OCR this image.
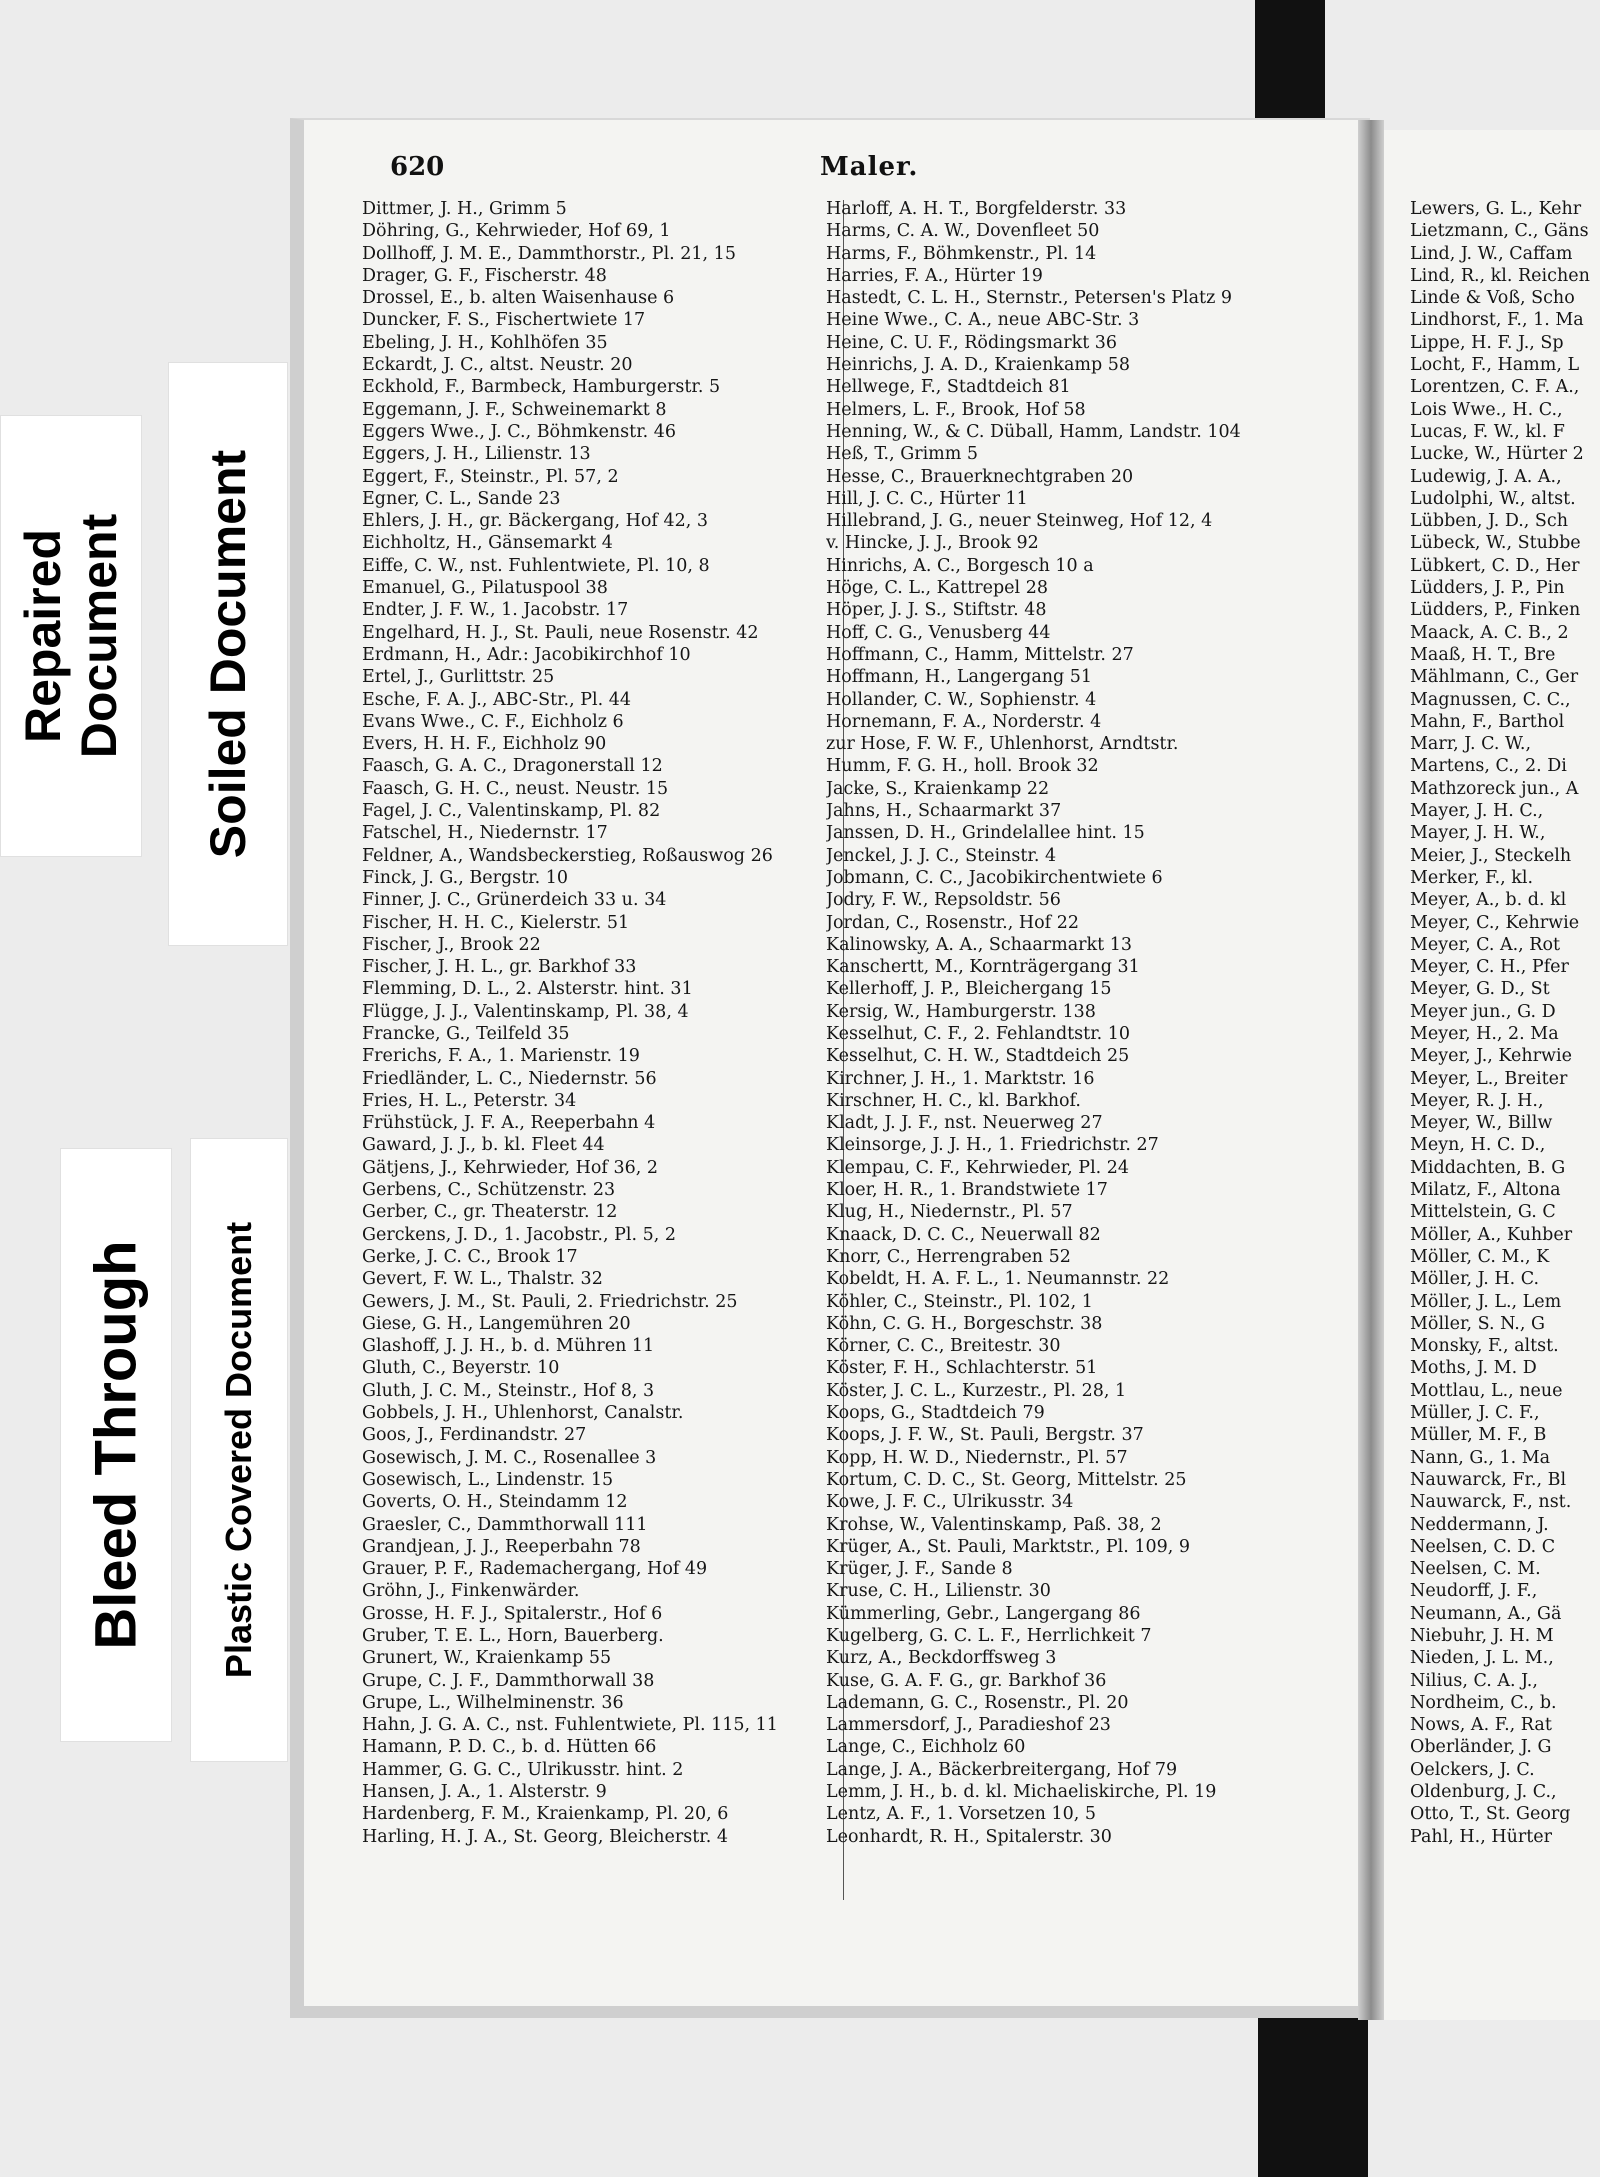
Repaired Document Soiled Document
Bleed Through Plastic Covered Document
620	Maler.
Dittmer, J. H., Grimm 5
Döhring, G., Kehrwieder, Hof 69, 1
Dollhoff, J. M. E., Dammthorstr., Pl. 21, 15
Drager, G. F., Fischerstr. 48
Drossel, E., b. alten Waisenhause 6
Duncker, F. S., Fischertwiete 17
Ebeling, J. H., Kohlhöfen 35
Eckardt, J. C., altst. Neustr. 20
Eckhold, F., Barmbeck, Hamburgerstr. 5
Eggemann, J. F., Schweinemarkt 8
Eggers Wwe., J. C., Böhmkenstr. 46
Eggers, J. H., Lilienstr. 13
Eggert, F., Steinstr., Pl. 57, 2
Egner, C. L., Sande 23
Ehlers, J. H., gr. Bäckergang, Hof 42, 3
Eichholtz, H., Gänsemarkt 4
Eiffe, C. W., nst. Fuhlentwiete, Pl. 10, 8
Emanuel, G., Pilatuspool 38
Endter, J. F. W., 1. Jacobstr. 17
Engelhard, H. J., St. Pauli, neue Rosenstr. 42
Erdmann, H., Adr.: Jacobikirchhof 10
Ertel, J., Gurlittstr. 25
Esche, F. A. J., ABC-Str., Pl. 44
Evans Wwe., C. F., Eichholz 6
Evers, H. H. F., Eichholz 90
Faasch, G. A. C., Dragonerstall 12
Faasch, G. H. C., neust. Neustr. 15
Fagel, J. C., Valentinskamp, Pl. 82
Fatschel, H., Niedernstr. 17
Feldner, A., Wandsbeckerstieg, Roßauswog 26
Finck, J. G., Bergstr. 10
Finner, J. C., Grünerdeich 33 u. 34
Fischer, H. H. C., Kielerstr. 51
Fischer, J., Brook 22
Fischer, J. H. L., gr. Barkhof 33
Flemming, D. L., 2. Alsterstr. hint. 31
Flügge, J. J., Valentinskamp, Pl. 38, 4
Francke, G., Teilfeld 35
Frerichs, F. A., 1. Marienstr. 19
Friedländer, L. C., Niedernstr. 56
Fries, H. L., Peterstr. 34
Frühstück, J. F. A., Reeperbahn 4
Gaward, J. J., b. kl. Fleet 44
Gätjens, J., Kehrwieder, Hof 36, 2
Gerbens, C., Schützenstr. 23
Gerber, C., gr. Theaterstr. 12
Gerckens, J. D., 1. Jacobstr., Pl. 5, 2
Gerke, J. C. C., Brook 17
Gevert, F. W. L., Thalstr. 32
Gewers, J. M., St. Pauli, 2. Friedrichstr. 25
Giese, G. H., Langemühren 20
Glashoff, J. J. H., b. d. Mühren 11
Gluth, C., Beyerstr. 10
Gluth, J. C. M., Steinstr., Hof 8, 3
Gobbels, J. H., Uhlenhorst, Canalstr.
Goos, J., Ferdinandstr. 27
Gosewisch, J. M. C., Rosenallee 3
Gosewisch, L., Lindenstr. 15
Goverts, O. H., Steindamm 12
Graesler, C., Dammthorwall 111
Grandjean, J. J., Reeperbahn 78
Grauer, P. F., Rademachergang, Hof 49
Gröhn, J., Finkenwärder.
Grosse, H. F. J., Spitalerstr., Hof 6
Gruber, T. E. L., Horn, Bauerberg.
Grunert, W., Kraienkamp 55
Grupe, C. J. F., Dammthorwall 38
Grupe, L., Wilhelminenstr. 36
Hahn, J. G. A. C., nst. Fuhlentwiete, Pl. 115, 11
Hamann, P. D. C., b. d. Hütten 66
Hammer, G. G. C., Ulrikusstr. hint. 2
Hansen, J. A., 1. Alsterstr. 9
Hardenberg, F. M., Kraienkamp, Pl. 20, 6
Harling, H. J. A., St. Georg, Bleicherstr. 4
Harloff, A. H. T., Borgfelderstr. 33
Harms, C. A. W., Dovenfleet 50
Harms, F., Böhmkenstr., Pl. 14
Harries, F. A., Hürter 19
Hastedt, C. L. H., Sternstr., Petersen's Platz 9
Heine Wwe., C. A., neue ABC-Str. 3
Heine, C. U. F., Rödingsmarkt 36
Heinrichs, J. A. D., Kraienkamp 58
Hellwege, F., Stadtdeich 81
Helmers, L. F., Brook, Hof 58
Henning, W., & C. Düball, Hamm, Landstr. 104
Heß, T., Grimm 5
Hesse, C., Brauerknechtgraben 20
Hill, J. C. C., Hürter 11
Hillebrand, J. G., neuer Steinweg, Hof 12, 4
v. Hincke, J. J., Brook 92
Hinrichs, A. C., Borgesch 10 a
Höge, C. L., Kattrepel 28
Höper, J. J. S., Stiftstr. 48
Hoff, C. G., Venusberg 44
Hoffmann, C., Hamm, Mittelstr. 27
Hoffmann, H., Langergang 51
Hollander, C. W., Sophienstr. 4
Hornemann, F. A., Norderstr. 4
zur Hose, F. W. F., Uhlenhorst, Arndtstr.
Humm, F. G. H., holl. Brook 32
Jacke, S., Kraienkamp 22
Jahns, H., Schaarmarkt 37
Janssen, D. H., Grindelallee hint. 15
Jenckel, J. J. C., Steinstr. 4
Jobmann, C. C., Jacobikirchentwiete 6
Jodry, F. W., Repsoldstr. 56
Jordan, C., Rosenstr., Hof 22
Kalinowsky, A. A., Schaarmarkt 13
Kanschertt, M., Kornträgergang 31
Kellerhoff, J. P., Bleichergang 15
Kersig, W., Hamburgerstr. 138
Kesselhut, C. F., 2. Fehlandtstr. 10
Kesselhut, C. H. W., Stadtdeich 25
Kirchner, J. H., 1. Marktstr. 16
Kirschner, H. C., kl. Barkhof.
Kladt, J. J. F., nst. Neuerweg 27
Kleinsorge, J. J. H., 1. Friedrichstr. 27
Klempau, C. F., Kehrwieder, Pl. 24
Kloer, H. R., 1. Brandstwiete 17
Klug, H., Niedernstr., Pl. 57
Knaack, D. C. C., Neuerwall 82
Knorr, C., Herrengraben 52
Kobeldt, H. A. F. L., 1. Neumannstr. 22
Köhler, C., Steinstr., Pl. 102, 1
Köhn, C. G. H., Borgeschstr. 38
Körner, C. C., Breitestr. 30
Köster, F. H., Schlachterstr. 51
Köster, J. C. L., Kurzestr., Pl. 28, 1
Koops, G., Stadtdeich 79
Koops, J. F. W., St. Pauli, Bergstr. 37
Kopp, H. W. D., Niedernstr., Pl. 57
Kortum, C. D. C., St. Georg, Mittelstr. 25
Kowe, J. F. C., Ulrikusstr. 34
Krohse, W., Valentinskamp, Paß. 38, 2
Krüger, A., St. Pauli, Marktstr., Pl. 109, 9
Krüger, J. F., Sande 8
Kruse, C. H., Lilienstr. 30
Kümmerling, Gebr., Langergang 86
Kugelberg, G. C. L. F., Herrlichkeit 7
Kurz, A., Beckdorffsweg 3
Kuse, G. A. F. G., gr. Barkhof 36
Lademann, G. C., Rosenstr., Pl. 20
Lammersdorf, J., Paradieshof 23
Lange, C., Eichholz 60
Lange, J. A., Bäckerbreitergang, Hof 79
Lemm, J. H., b. d. kl. Michaeliskirche, Pl. 19
Lentz, A. F., 1. Vorsetzen 10, 5
Leonhardt, R. H., Spitalerstr. 30
Lewers, G. L., Kehr
Lietzmann, C., Gäns
Lind, J. W., Caffam
Lind, R., kl. Reichen
Linde & Voß, Scho
Lindhorst, F., 1. Ma
Lippe, H. F. J., Sp
Locht, F., Hamm, L
Lorentzen, C. F. A.,
Lois Wwe., H. C.,
Lucas, F. W., kl. F
Lucke, W., Hürter 2
Ludewig, J. A. A.,
Ludolphi, W., altst.
Lübben, J. D., Sch
Lübeck, W., Stubbe
Lübkert, C. D., Her
Lüdders, J. P., Pin
Lüdders, P., Finken
Maack, A. C. B., 2
Maaß, H. T., Bre
Mählmann, C., Ger
Magnussen, C. C.,
Mahn, F., Barthol
Marr, J. C. W.,
Martens, C., 2. Di
Mathzoreck jun., A
Mayer, J. H. C.,
Mayer, J. H. W.,
Meier, J., Steckelh
Merker, F., kl.
Meyer, A., b. d. kl
Meyer, C., Kehrwie
Meyer, C. A., Rot
Meyer, C. H., Pfer
Meyer, G. D., St
Meyer jun., G. D
Meyer, H., 2. Ma
Meyer, J., Kehrwie
Meyer, L., Breiter
Meyer, R. J. H.,
Meyer, W., Billw
Meyn, H. C. D.,
Middachten, B. G
Milatz, F., Altona
Mittelstein, G. C
Möller, A., Kuhber
Möller, C. M., K
Möller, J. H. C.
Möller, J. L., Lem
Möller, S. N., G
Monsky, F., altst.
Moths, J. M. D
Mottlau, L., neue
Müller, J. C. F.,
Müller, M. F., B
Nann, G., 1. Ma
Nauwarck, Fr., Bl
Nauwarck, F., nst.
Neddermann, J.
Neelsen, C. D. C
Neelsen, C. M.
Neudorff, J. F.,
Neumann, A., Gä
Niebuhr, J. H. M
Nieden, J. L. M.,
Nilius, C. A. J.,
Nordheim, C., b.
Nows, A. F., Rat
Oberländer, J. G
Oelckers, J. C.
Oldenburg, J. C.,
Otto, T., St. Georg
Pahl, H., Hürter
